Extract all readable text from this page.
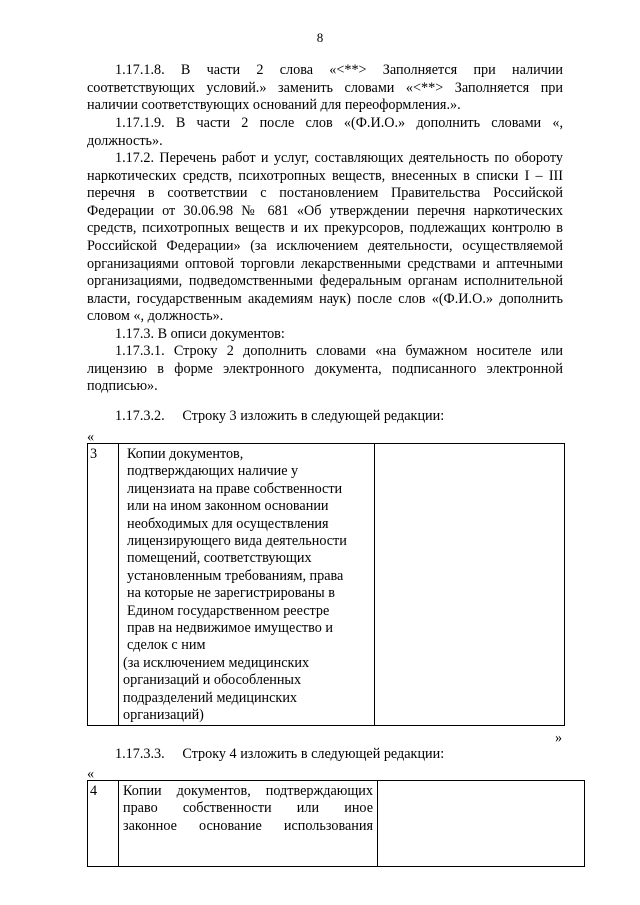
8
1.17.1.8. В части 2 слова «<**> Заполняется при наличии соответствующих условий.» заменить словами «<**> Заполняется при наличии соответствующих оснований для переоформления.».
1.17.1.9. В части 2 после слов «(Ф.И.О.» дополнить словами «, должность».
1.17.2. Перечень работ и услуг, составляющих деятельность по обороту наркотических средств, психотропных веществ, внесенных в списки I – III перечня в соответствии с постановлением Правительства Российской Федерации от 30.06.98 № 681 «Об утверждении перечня наркотических средств, психотропных веществ и их прекурсоров, подлежащих контролю в Российской Федерации» (за исключением деятельности, осуществляемой организациями оптовой торговли лекарственными средствами и аптечными организациями, подведомственными федеральным органам исполнительной власти, государственным академиям наук) после слов «(Ф.И.О.» дополнить словом «, должность».
1.17.3. В описи документов:
1.17.3.1. Строку 2 дополнить словами «на бумажном носителе или лицензию в форме электронного документа, подписанного электронной подписью».
1.17.3.2.     Строку 3 изложить в следующей редакции:
«
3	Копии документов,
подтверждающих наличие у
лицензиата на праве собственности
или на ином законном основании
необходимых для осуществления
лицензирующего вида деятельности
помещений, соответствующих
установленным требованиям, права
на которые не зарегистрированы в
Едином государственном реестре
прав на недвижимое имущество и
сделок с ним
(за исключением медицинских
организаций и обособленных
подразделений медицинских
организаций)

»
1.17.3.3.     Строку 4 изложить в следующей редакции:
«
4	Копии документов, подтверждающих
право собственности или иное
законное основание использования
